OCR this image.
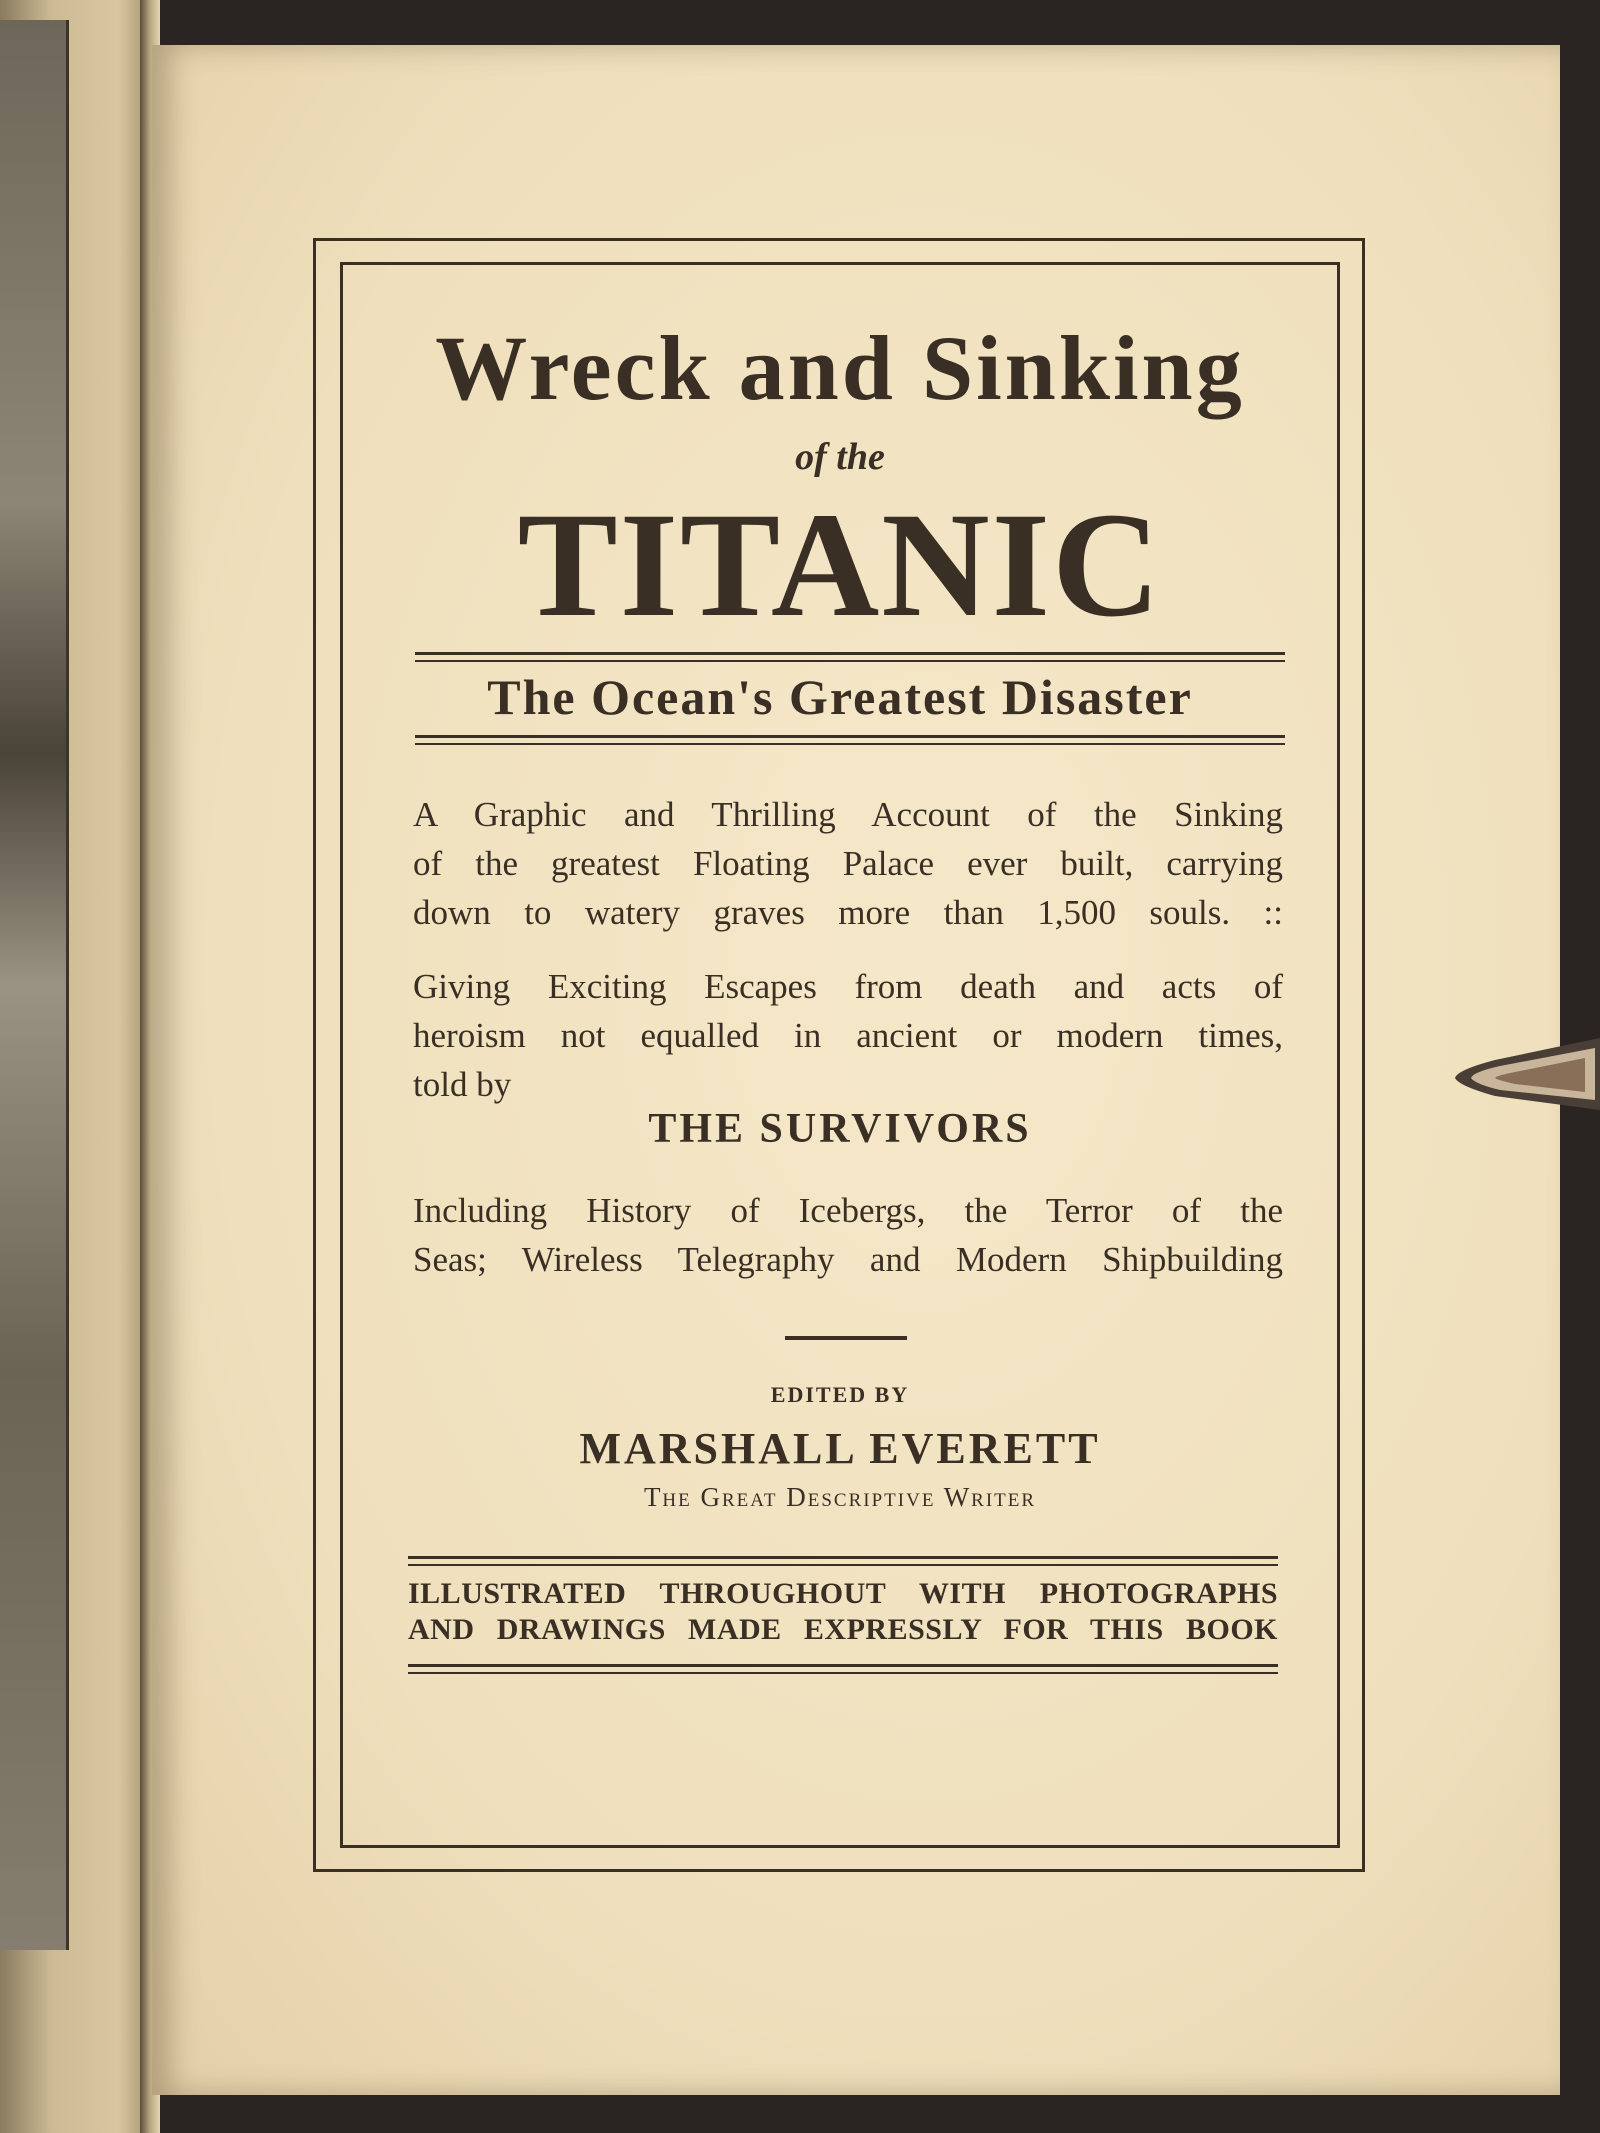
Wreck and Sinking
of the
TITANIC
The Ocean's Greatest Disaster
A Graphic and Thrilling Account of the Sinking
of the greatest Floating Palace ever built, carrying
down to watery graves more than 1,500 souls. ::
Giving Exciting Escapes from death and acts of
heroism not equalled in ancient or modern times,
told by
THE SURVIVORS
Including History of Icebergs, the Terror of the
Seas; Wireless Telegraphy and Modern Shipbuilding
EDITED BY
MARSHALL EVERETT
The Great Descriptive Writer
ILLUSTRATED THROUGHOUT WITH PHOTOGRAPHS
AND DRAWINGS MADE EXPRESSLY FOR THIS BOOK
